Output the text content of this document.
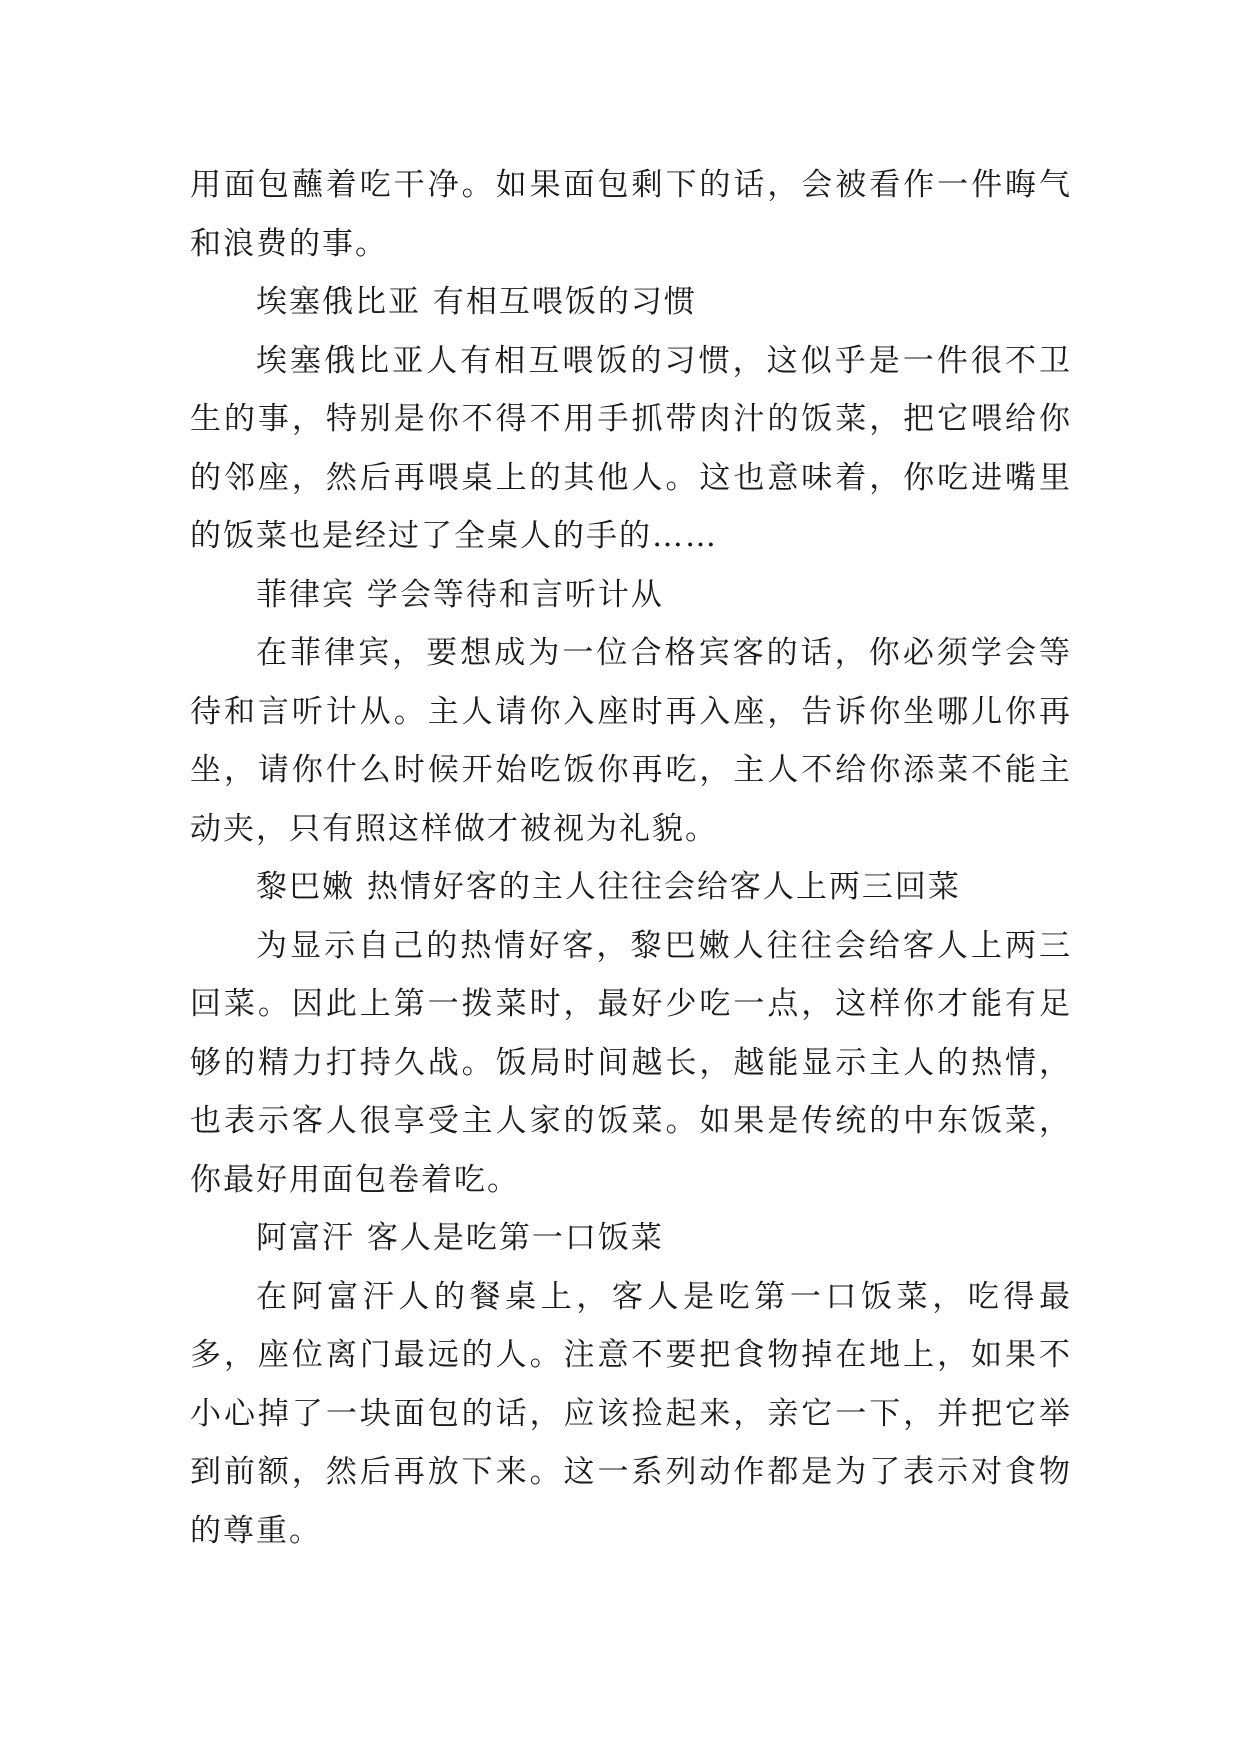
用面包蘸着吃干净。如果面包剩下的话，会被看作一件晦气和浪费的事。

埃塞俄比亚 有相互喂饭的习惯

埃塞俄比亚人有相互喂饭的习惯，这似乎是一件很不卫生的事，特别是你不得不用手抓带肉汁的饭菜，把它喂给你的邻座，然后再喂桌上的其他人。这也意味着，你吃进嘴里的饭菜也是经过了全桌人的手的……

菲律宾 学会等待和言听计从

在菲律宾，要想成为一位合格宾客的话，你必须学会等待和言听计从。主人请你入座时再入座，告诉你坐哪儿你再坐，请你什么时候开始吃饭你再吃，主人不给你添菜不能主动夹，只有照这样做才被视为礼貌。

黎巴嫩 热情好客的主人往往会给客人上两三回菜

为显示自己的热情好客，黎巴嫩人往往会给客人上两三回菜。因此上第一拨菜时，最好少吃一点，这样你才能有足够的精力打持久战。饭局时间越长，越能显示主人的热情，也表示客人很享受主人家的饭菜。如果是传统的中东饭菜，你最好用面包卷着吃。

阿富汗 客人是吃第一口饭菜

在阿富汗人的餐桌上，客人是吃第一口饭菜，吃得最多，座位离门最远的人。注意不要把食物掉在地上，如果不小心掉了一块面包的话，应该捡起来，亲它一下，并把它举到前额，然后再放下来。这一系列动作都是为了表示对食物的尊重。
